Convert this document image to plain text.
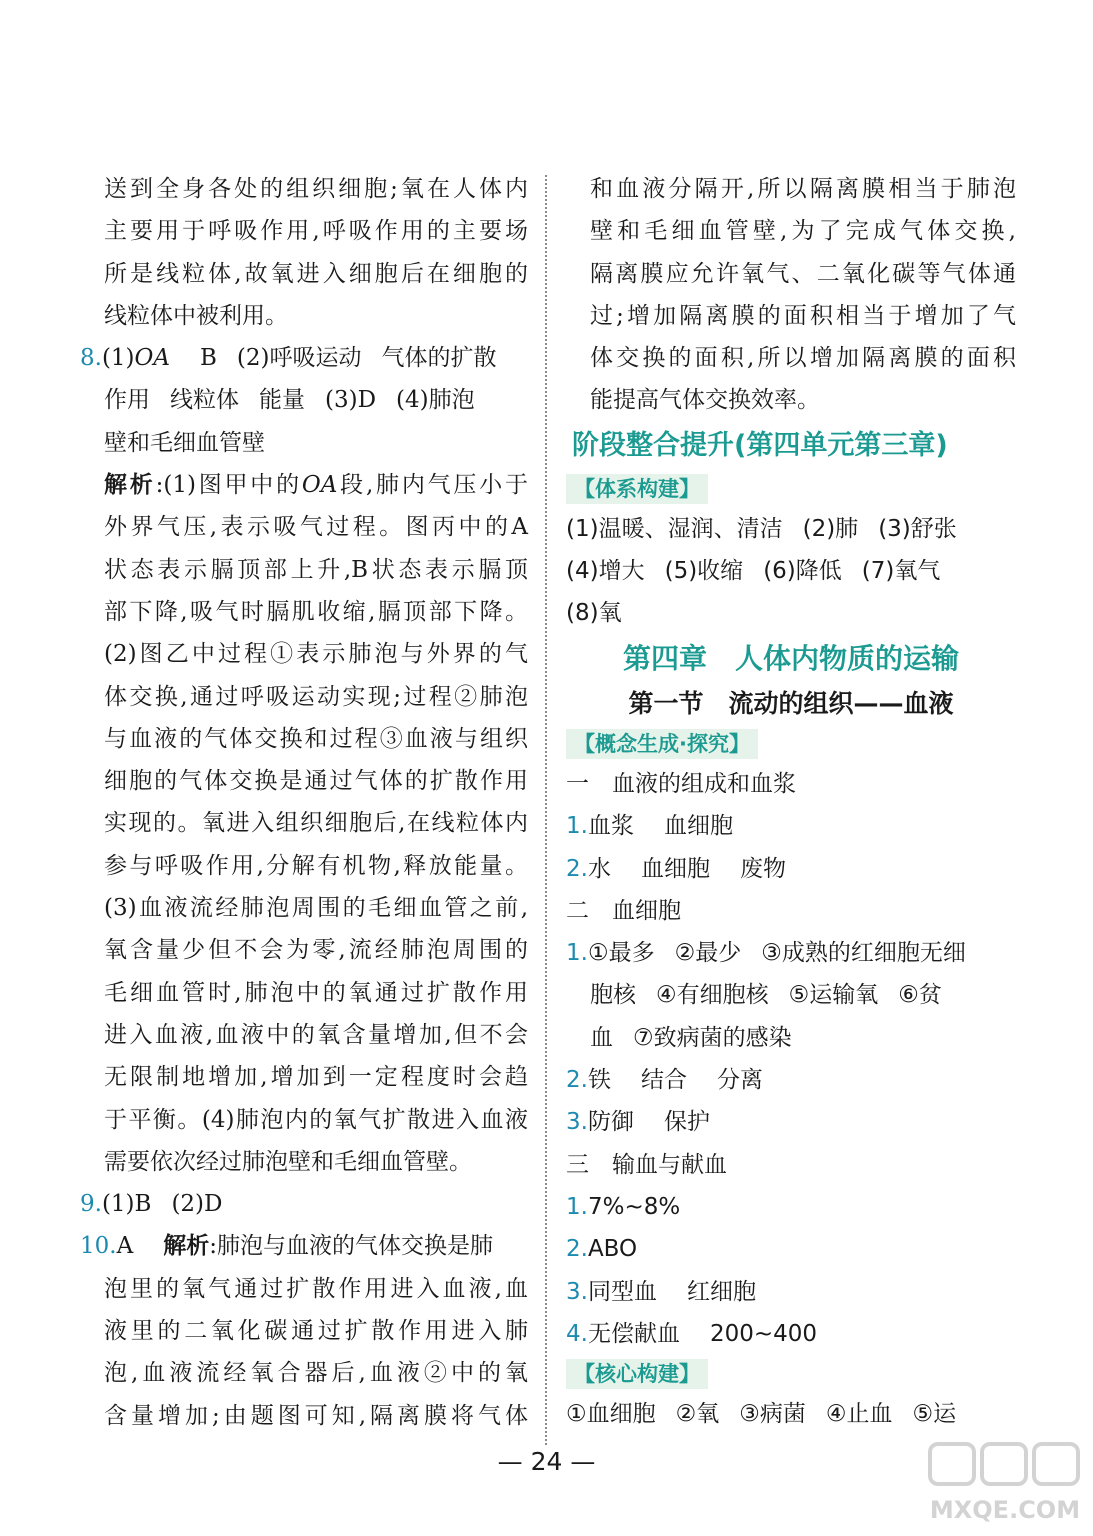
送到全身各处的组织细胞;氧在人体内
主要用于呼吸作用,呼吸作用的主要场
所是线粒体,故氧进入细胞后在细胞的
线粒体中被利用。
8.(1)OA B (2)呼吸运动 气体的扩散
作用 线粒体 能量 (3)D (4)肺泡
壁和毛细血管壁
解析:(1)图甲中的OA段,肺内气压小于
外界气压,表示吸气过程。图丙中的A
状态表示膈顶部上升,B状态表示膈顶
部下降,吸气时膈肌收缩,膈顶部下降。
(2)图乙中过程①表示肺泡与外界的气
体交换,通过呼吸运动实现;过程②肺泡
与血液的气体交换和过程③血液与组织
细胞的气体交换是通过气体的扩散作用
实现的。氧进入组织细胞后,在线粒体内
参与呼吸作用,分解有机物,释放能量。
(3)血液流经肺泡周围的毛细血管之前,
氧含量少但不会为零,流经肺泡周围的
毛细血管时,肺泡中的氧通过扩散作用
进入血液,血液中的氧含量增加,但不会
无限制地增加,增加到一定程度时会趋
于平衡。(4)肺泡内的氧气扩散进入血液
需要依次经过肺泡壁和毛细血管壁。
9.(1)B (2)D
10.A 解析:肺泡与血液的气体交换是肺
泡里的氧气通过扩散作用进入血液,血
液里的二氧化碳通过扩散作用进入肺
泡,血液流经氧合器后,血液②中的氧
含量增加;由题图可知,隔离膜将气体
和血液分隔开,所以隔离膜相当于肺泡
壁和毛细血管壁,为了完成气体交换,
隔离膜应允许氧气、二氧化碳等气体通
过;增加隔离膜的面积相当于增加了气
体交换的面积,所以增加隔离膜的面积
能提高气体交换效率。
阶段整合提升(第四单元第三章)
【体系构建】
(1)温暖、湿润、清洁 (2)肺 (3)舒张
(4)增大 (5)收缩 (6)降低 (7)氧气
(8)氧
第四章　人体内物质的运输
第一节　流动的组织——血液
【概念生成·探究】
一　血液的组成和血浆
1.血浆 血细胞
2.水 血细胞 废物
二　血细胞
1.①最多 ②最少 ③成熟的红细胞无细
胞核 ④有细胞核 ⑤运输氧 ⑥贫
血 ⑦致病菌的感染
2.铁 结合 分离
3.防御 保护
三　输血与献血
1.7%~8%
2.ABO
3.同型血 红细胞
4.无偿献血 200~400
【核心构建】
①血细胞 ②氧 ③病菌 ④止血 ⑤运
— 24 —
MXQE.COM
